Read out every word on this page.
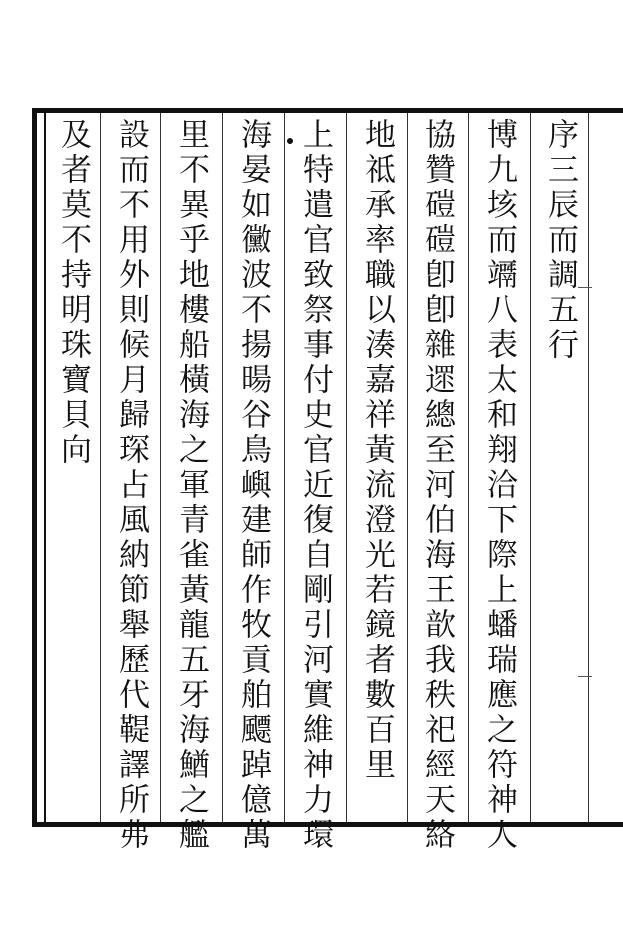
序三辰而調五行
博九垓而竵八表太和翔洽下際上蟠瑞應之符神人
協贊磑磑卽卽雜遝總至河伯海王歆我秩祀經天絡
地祗承率職以湊嘉祥黃流澄光若鏡者數百里
上特遣官致祭事付史官近復自剛引河實維神力環
海晏如黴波不揚暘谷鳥嶼建師作牧貢舶飃踔億萬
里不異乎地樓船橫海之軍青雀黃龍五牙海鰌之艦
設而不用外則候月歸琛占風納節舉歷代鞮譯所弗
及者莫不持明珠寶貝向
